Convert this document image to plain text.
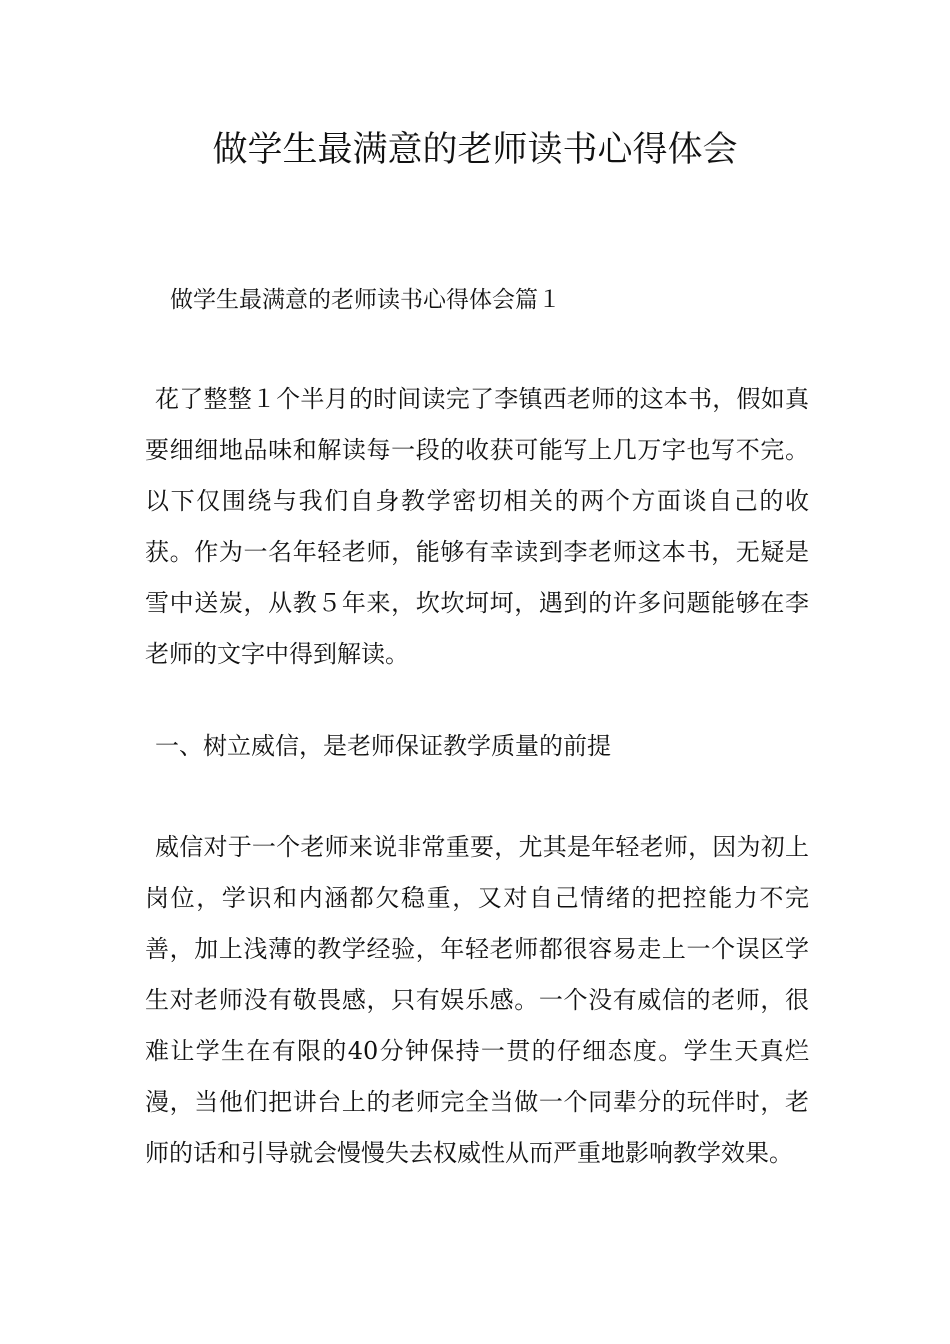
做学生最满意的老师读书心得体会

做学生最满意的老师读书心得体会篇１

花了整整１个半月的时间读完了李镇西老师的这本书，假如真要细细地品味和解读每一段的收获可能写上几万字也写不完。以下仅围绕与我们自身教学密切相关的两个方面谈自己的收获。作为一名年轻老师，能够有幸读到李老师这本书，无疑是雪中送炭，从教５年来，坎坎坷坷，遇到的许多问题能够在李老师的文字中得到解读。

一、树立威信，是老师保证教学质量的前提

威信对于一个老师来说非常重要，尤其是年轻老师，因为初上岗位，学识和内涵都欠稳重，又对自己情绪的把控能力不完善，加上浅薄的教学经验，年轻老师都很容易走上一个误区学生对老师没有敬畏感，只有娱乐感。一个没有威信的老师，很难让学生在有限的40分钟保持一贯的仔细态度。学生天真烂漫，当他们把讲台上的老师完全当做一个同辈分的玩伴时，老师的话和引导就会慢慢失去权威性从而严重地影响教学效果。
